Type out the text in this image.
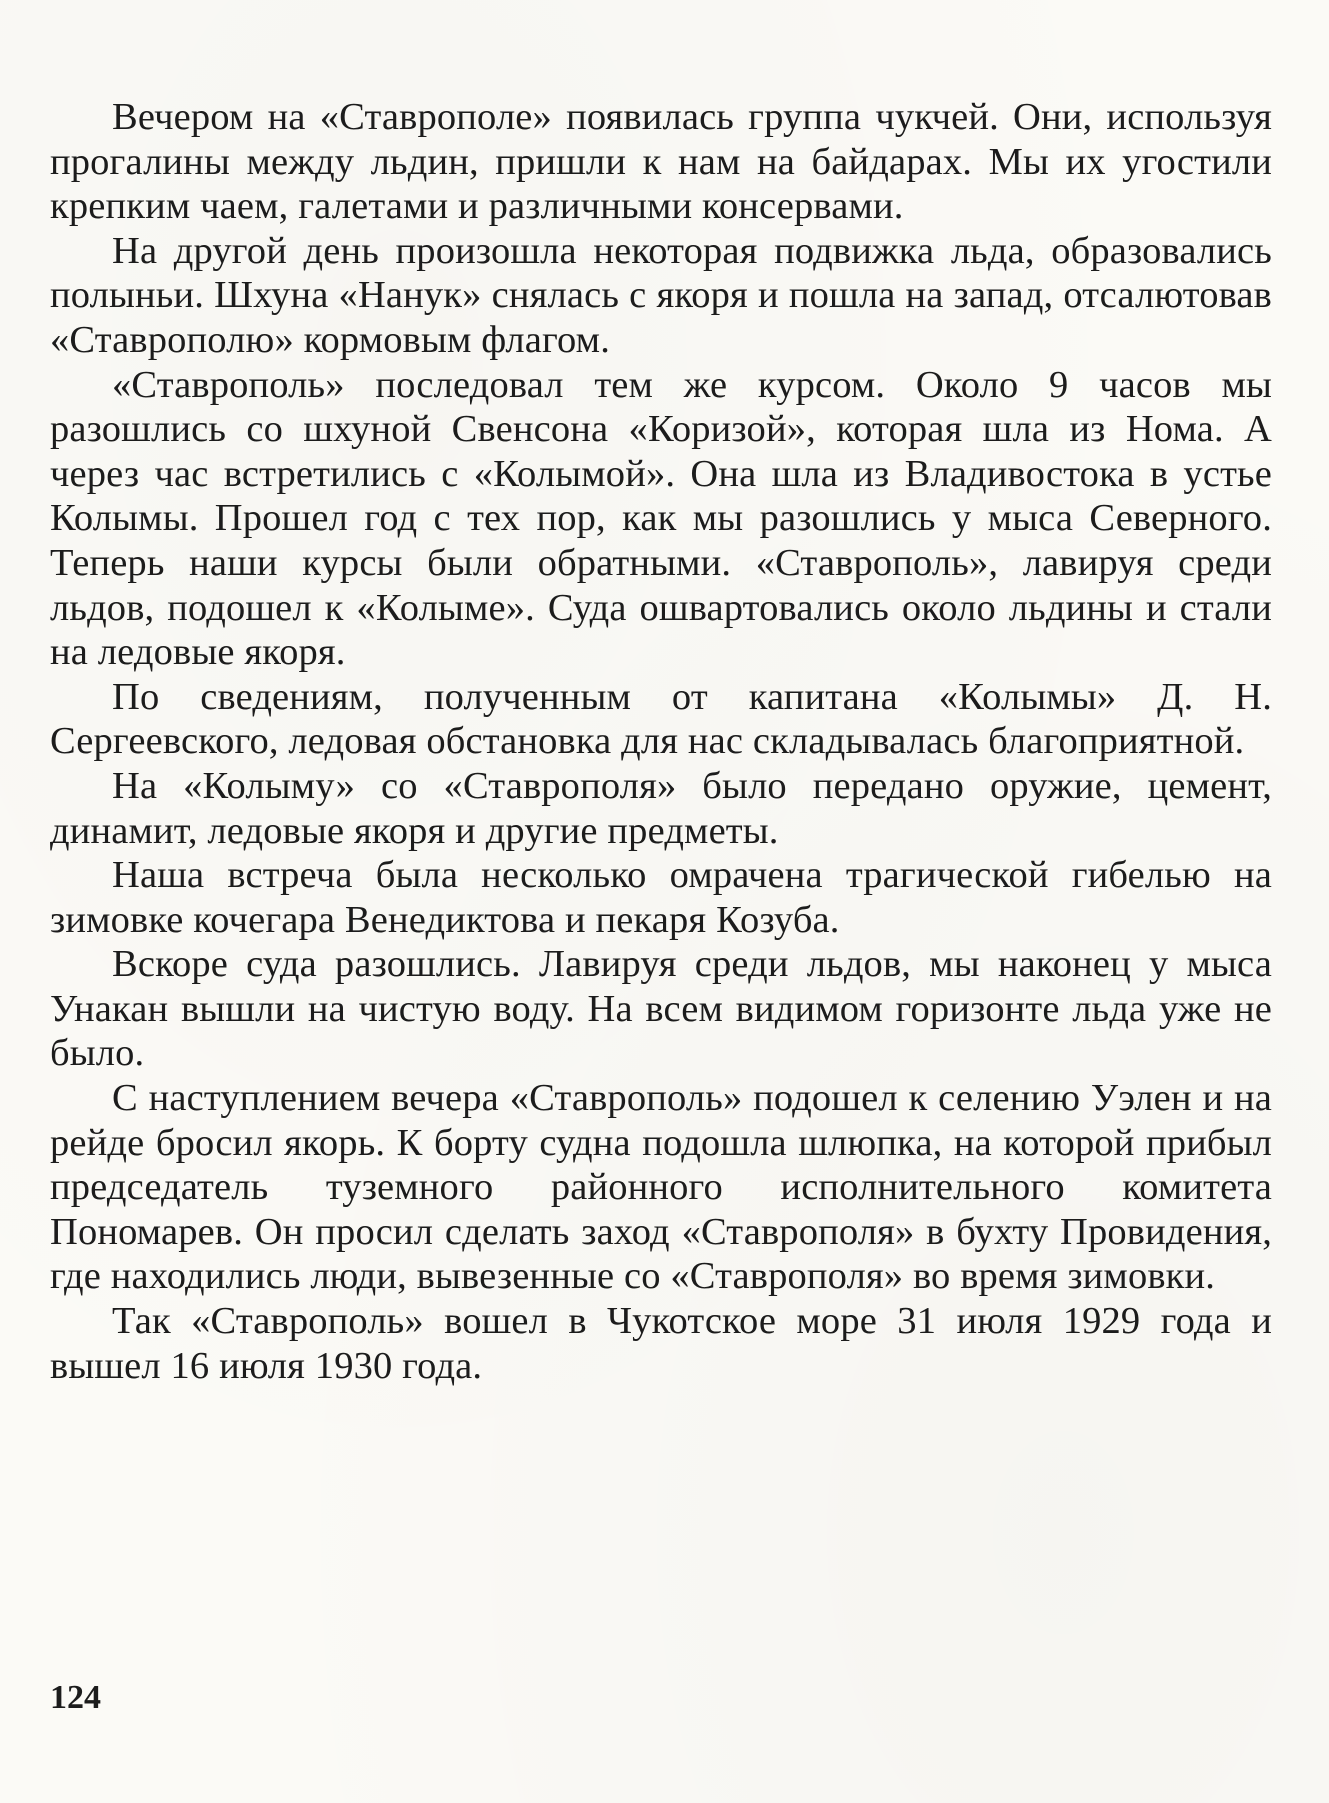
Вечером на «Ставрополе» появилась группа чукчей. Они, используя прогалины между льдин, пришли к нам на байдарах. Мы их угостили крепким чаем, галетами и различными консервами.

На другой день произошла некоторая подвижка льда, образовались полыньи. Шхуна «Нанук» снялась с якоря и пошла на запад, отсалютовав «Ставрополю» кормовым флагом.

«Ставрополь» последовал тем же курсом. Около 9 часов мы разошлись со шхуной Свенсона «Коризой», которая шла из Нома. А через час встретились с «Колымой». Она шла из Владивостока в устье Колымы. Прошел год с тех пор, как мы разошлись у мыса Северного. Теперь наши курсы были обратными. «Ставрополь», лавируя среди льдов, подошел к «Колыме». Суда ошвартовались около льдины и стали на ледовые якоря.

По сведениям, полученным от капитана «Колымы» Д. Н. Сергеевского, ледовая обстановка для нас складывалась благоприятной.

На «Колыму» со «Ставрополя» было передано оружие, цемент, динамит, ледовые якоря и другие предметы.

Наша встреча была несколько омрачена трагической гибелью на зимовке кочегара Венедиктова и пекаря Козуба.

Вскоре суда разошлись. Лавируя среди льдов, мы наконец у мыса Унакан вышли на чистую воду. На всем видимом горизонте льда уже не было.

С наступлением вечера «Ставрополь» подошел к селению Уэлен и на рейде бросил якорь. К борту судна подошла шлюпка, на которой прибыл председатель туземного районного исполнительного комитета Пономарев. Он просил сделать заход «Ставрополя» в бухту Провидения, где находились люди, вывезенные со «Ставрополя» во время зимовки.

Так «Ставрополь» вошел в Чукотское море 31 июля 1929 года и вышел 16 июля 1930 года.

124
